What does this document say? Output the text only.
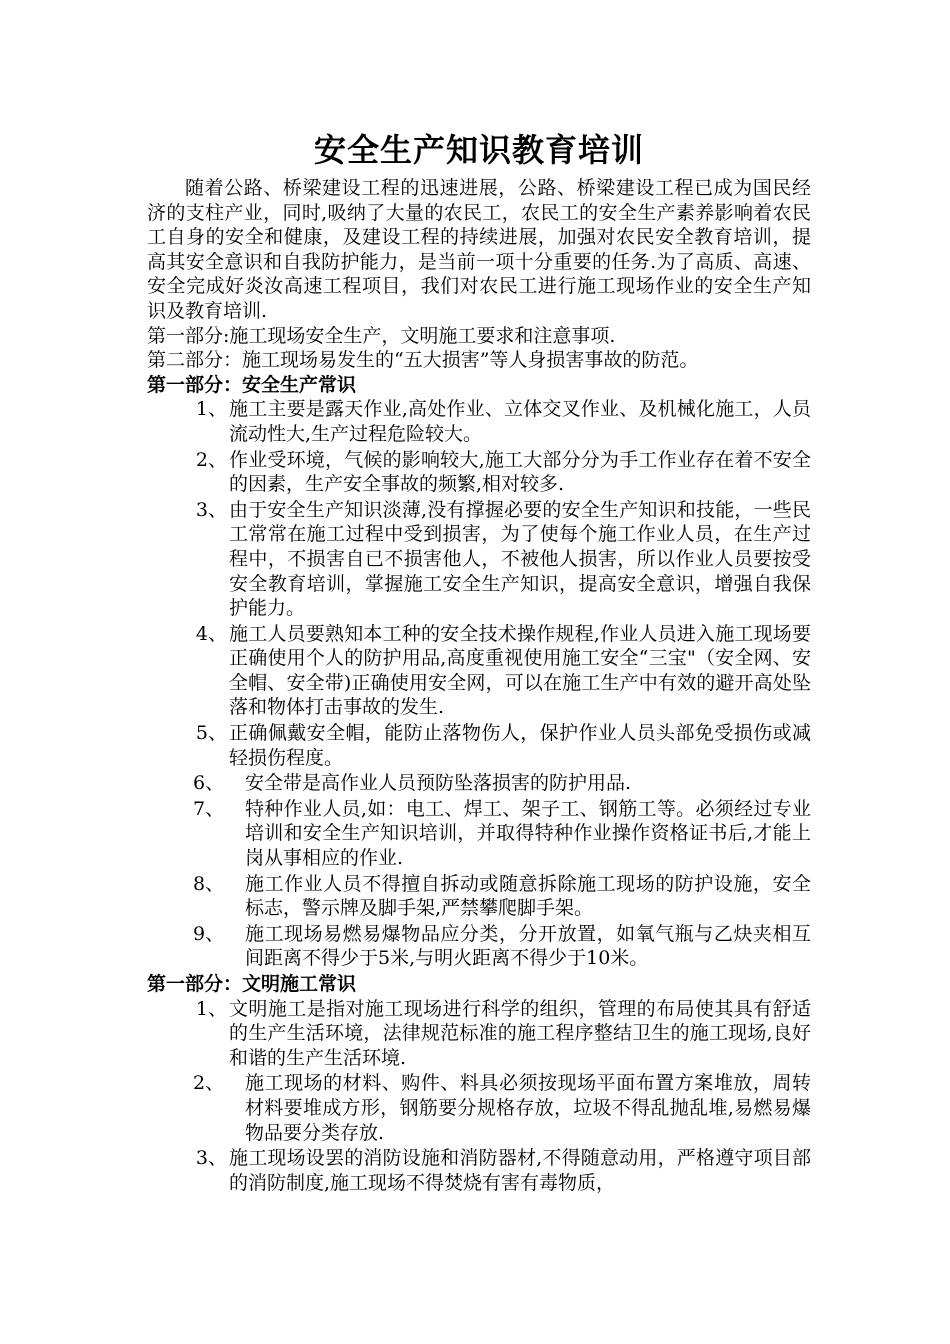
安全生产知识教育培训

随着公路、桥梁建设工程的迅速进展，公路、桥梁建设工程已成为国民经济的支柱产业，同时,吸纳了大量的农民工，农民工的安全生产素养影响着农民工自身的安全和健康，及建设工程的持续进展，加强对农民安全教育培训，提高其安全意识和自我防护能力，是当前一项十分重要的任务.为了高质、高速、安全完成好炎汝高速工程项目，我们对农民工进行施工现场作业的安全生产知识及教育培训.

第一部分:施工现场安全生产，文明施工要求和注意事项.

第二部分：施工现场易发生的“五大损害”等人身损害事故的防范。

第一部分：安全生产常识

1、 施工主要是露天作业,高处作业、立体交叉作业、及机械化施工，人员流动性大,生产过程危险较大。
2、 作业受环境，气候的影响较大,施工大部分分为手工作业存在着不安全的因素，生产安全事故的频繁,相对较多.
3、 由于安全生产知识淡薄,没有撑握必要的安全生产知识和技能，一些民工常常在施工过程中受到损害，为了使每个施工作业人员，在生产过程中，不损害自已不损害他人，不被他人损害，所以作业人员要按受安全教育培训，掌握施工安全生产知识，提高安全意识，增强自我保护能力。
4、 施工人员要熟知本工种的安全技术操作规程,作业人员进入施工现场要正确使用个人的防护用品,高度重视使用施工安全“三宝"（安全网、安全帽、安全带)正确使用安全网，可以在施工生产中有效的避开高处坠落和物体打击事故的发生.
5、 正确佩戴安全帽，能防止落物伤人，保护作业人员头部免受损伤或减轻损伤程度。
6、	安全带是高作业人员预防坠落损害的防护用品.
7、	特种作业人员,如：电工、焊工、架子工、钢筋工等。必须经过专业培训和安全生产知识培训，并取得特种作业操作资格证书后,才能上岗从事相应的作业.
8、	施工作业人员不得擅自拆动或随意拆除施工现场的防护设施，安全标志，警示牌及脚手架,严禁攀爬脚手架。
9、	施工现场易燃易爆物品应分类，分开放置，如氧气瓶与乙炔夹相互间距离不得少于5米,与明火距离不得少于10米。

第一部分：文明施工常识

1、 文明施工是指对施工现场进行科学的组织，管理的布局使其具有舒适的生产生活环境，法律规范标准的施工程序整结卫生的施工现场,良好和谐的生产生活环境.
2、	施工现场的材料、购件、料具必须按现场平面布置方案堆放，周转材料要堆成方形，钢筋要分规格存放，垃圾不得乱抛乱堆,易燃易爆物品要分类存放.
3、 施工现场设罢的消防设施和消防器材,不得随意动用，严格遵守项目部的消防制度,施工现场不得焚烧有害有毒物质，
